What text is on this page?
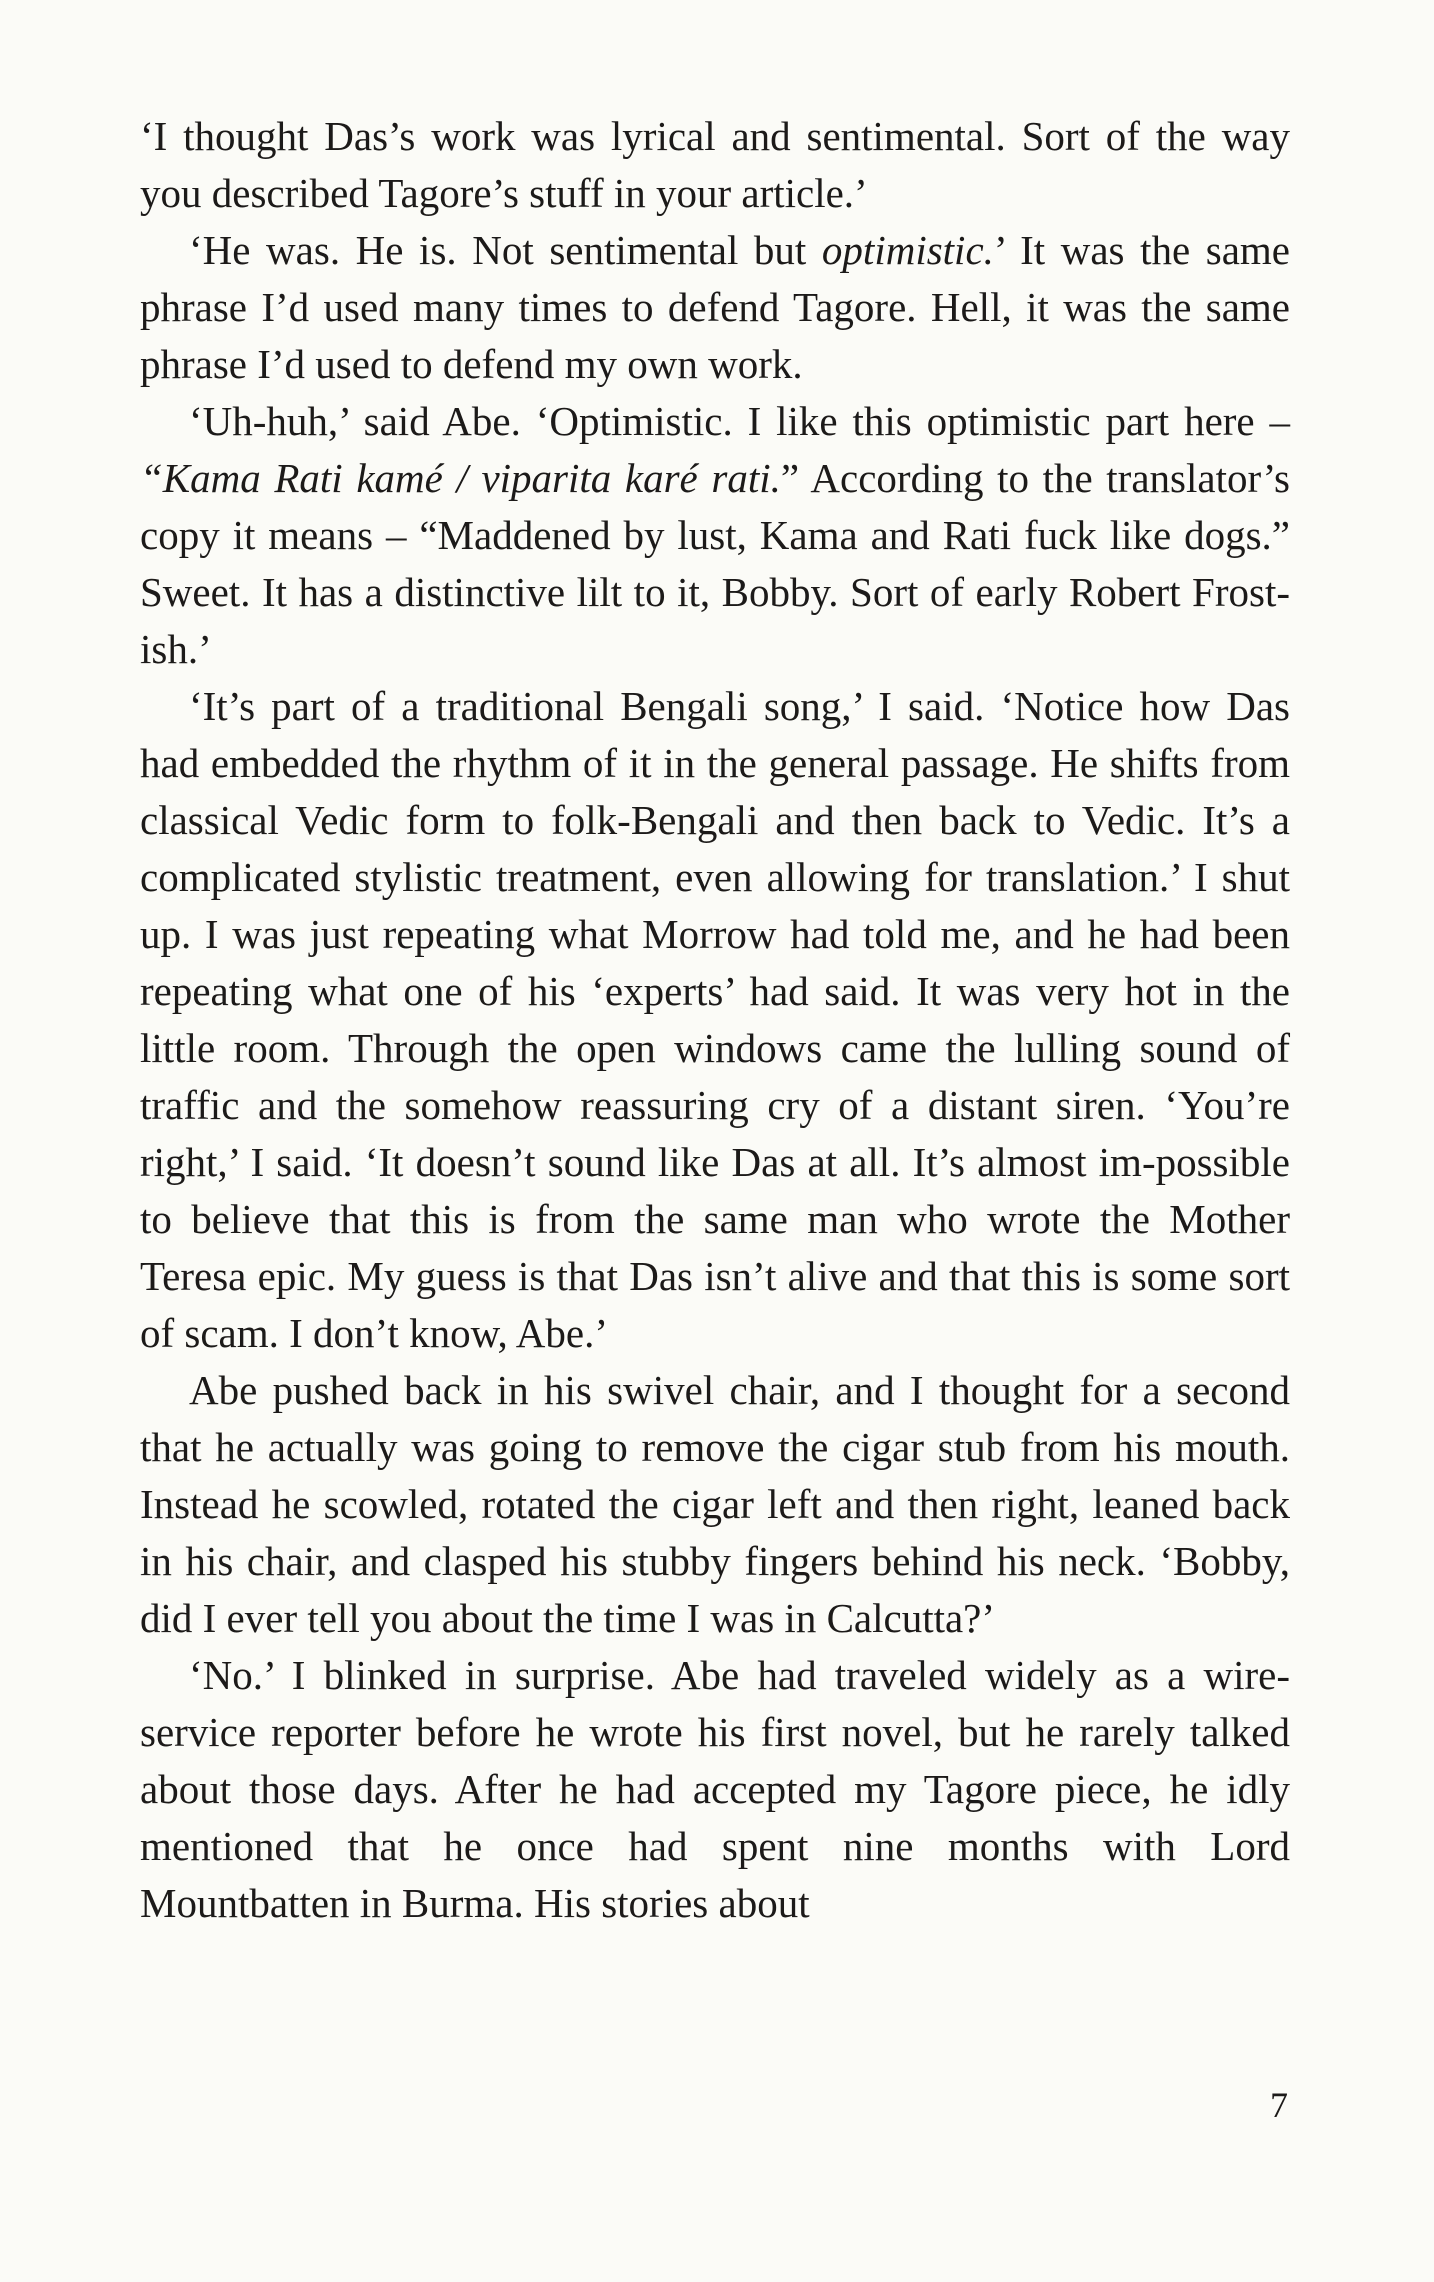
‘I thought Das’s work was lyrical and sentimental. Sort of the way you described Tagore’s stuff in your article.’

‘He was. He is. Not sentimental but optimistic.’ It was the same phrase I’d used many times to defend Tagore. Hell, it was the same phrase I’d used to defend my own work.

‘Uh-huh,’ said Abe. ‘Optimistic. I like this optimistic part here – “Kama Rati kamé / viparita karé rati.” According to the translator’s copy it means – “Maddened by lust, Kama and Rati fuck like dogs.” Sweet. It has a distinctive lilt to it, Bobby. Sort of early Robert Frost-ish.’

‘It’s part of a traditional Bengali song,’ I said. ‘Notice how Das had embedded the rhythm of it in the general passage. He shifts from classical Vedic form to folk-Bengali and then back to Vedic. It’s a complicated stylistic treatment, even allowing for translation.’ I shut up. I was just repeating what Morrow had told me, and he had been repeating what one of his ‘experts’ had said. It was very hot in the little room. Through the open windows came the lulling sound of traffic and the somehow reassuring cry of a distant siren. ‘You’re right,’ I said. ‘It doesn’t sound like Das at all. It’s almost im-possible to believe that this is from the same man who wrote the Mother Teresa epic. My guess is that Das isn’t alive and that this is some sort of scam. I don’t know, Abe.’

Abe pushed back in his swivel chair, and I thought for a second that he actually was going to remove the cigar stub from his mouth. Instead he scowled, rotated the cigar left and then right, leaned back in his chair, and clasped his stubby fingers behind his neck. ‘Bobby, did I ever tell you about the time I was in Calcutta?’

‘No.’ I blinked in surprise. Abe had traveled widely as a wire-service reporter before he wrote his first novel, but he rarely talked about those days. After he had accepted my Tagore piece, he idly mentioned that he once had spent nine months with Lord Mountbatten in Burma. His stories about

7
